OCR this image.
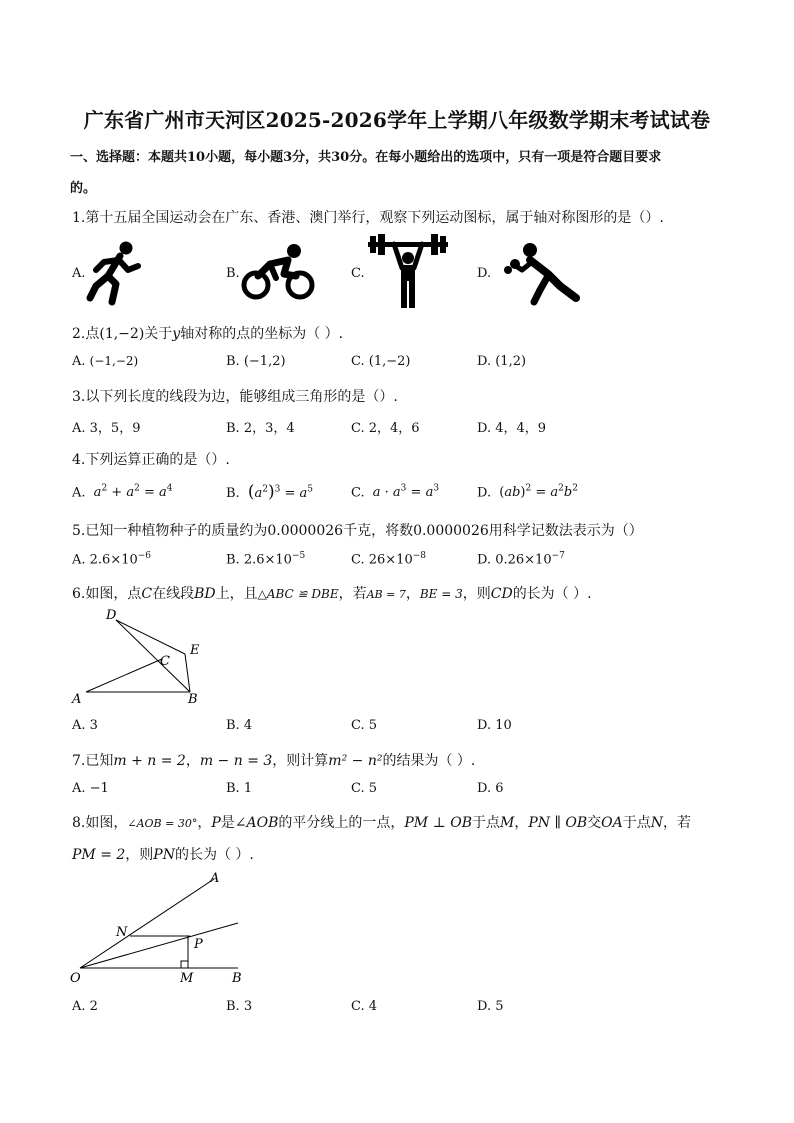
广东省广州市天河区2025-2026学年上学期八年级数学期末考试试卷
一、选择题：本题共10小题，每小题3分，共30分。在每小题给出的选项中，只有一项是符合题目要求
的。
1.第十五届全国运动会在广东、香港、澳门举行，观察下列运动图标，属于轴对称图形的是（）.
A.	B.	C.	D.
2.点(1,−2)关于y轴对称的点的坐标为（ ）.
A. (−1,−2)	B. (−1,2)	C. (1,−2)	D. (1,2)
3.以下列长度的线段为边，能够组成三角形的是（）.
A. 3，5，9	B. 2，3，4	C. 2，4，6	D. 4，4，9
4.下列运算正确的是（）.
A. $a^2 + a^2 = a^4$	B. $(a^2)^3 = a^5$	C. $a \cdot a^3 = a^3$	D. $(ab)^2 = a^2b^2$
5.已知一种植物种子的质量约为0.0000026千克，将数0.0000026用科学记数法表示为（）
A. $2.6\times 10^{-6}$	B. $2.6\times 10^{-5}$	C. $26\times 10^{-8}$	D. $0.26\times 10^{-7}$
6.如图，点C在线段BD上，且△ABC ≌ DBE，若AB = 7，BE = 3，则CD的长为（ ）.
D
E
C
A	B
A. 3	B. 4	C. 5	D. 10
7.已知m + n = 2，m − n = 3，则计算m² − n²的结果为（ ）.
A. −1	B. 1	C. 5	D. 6
8.如图，∠AOB = 30°，P是∠AOB的平分线上的一点，PM ⊥ OB于点M，PN ∥ OB交OA于点N，若
PM = 2，则PN的长为（ ）.
A
N
P
O	M	B
A. 2	B. 3	C. 4	D. 5
